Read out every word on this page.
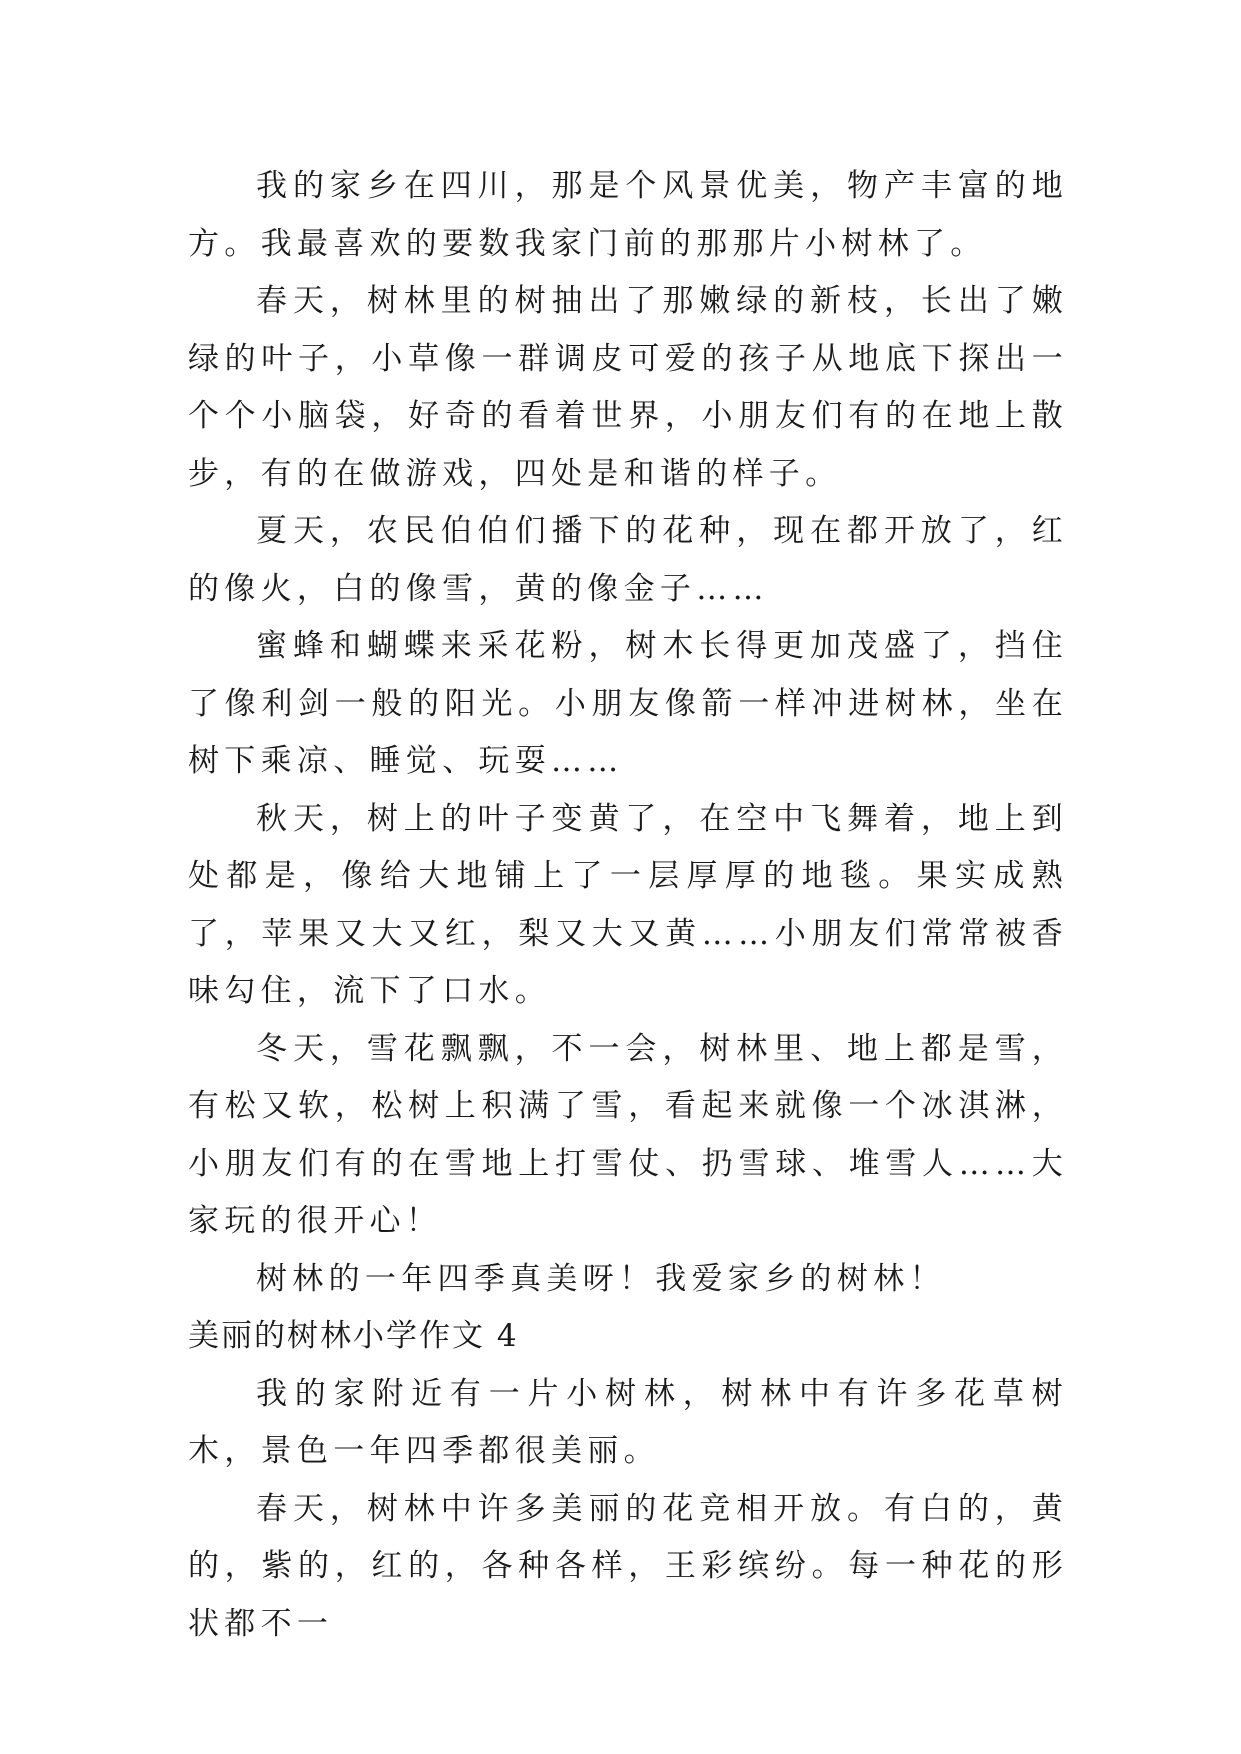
我的家乡在四川，那是个风景优美，物产丰富的地方。我最喜欢的要数我家门前的那那片小树林了。

春天，树林里的树抽出了那嫩绿的新枝，长出了嫩绿的叶子，小草像一群调皮可爱的孩子从地底下探出一个个小脑袋，好奇的看着世界，小朋友们有的在地上散步，有的在做游戏，四处是和谐的样子。

夏天，农民伯伯们播下的花种，现在都开放了，红的像火，白的像雪，黄的像金子……

蜜蜂和蝴蝶来采花粉，树木长得更加茂盛了，挡住了像利剑一般的阳光。小朋友像箭一样冲进树林，坐在树下乘凉、睡觉、玩耍……

秋天，树上的叶子变黄了，在空中飞舞着，地上到处都是，像给大地铺上了一层厚厚的地毯。果实成熟了，苹果又大又红，梨又大又黄……小朋友们常常被香味勾住，流下了口水。

冬天，雪花飘飘，不一会，树林里、地上都是雪，有松又软，松树上积满了雪，看起来就像一个冰淇淋，小朋友们有的在雪地上打雪仗、扔雪球、堆雪人……大家玩的很开心！

树林的一年四季真美呀！我爱家乡的树林！

美丽的树林小学作文 4

我的家附近有一片小树林，树林中有许多花草树木，景色一年四季都很美丽。

春天，树林中许多美丽的花竞相开放。有白的，黄的，紫的，红的，各种各样，王彩缤纷。每一种花的形状都不一
